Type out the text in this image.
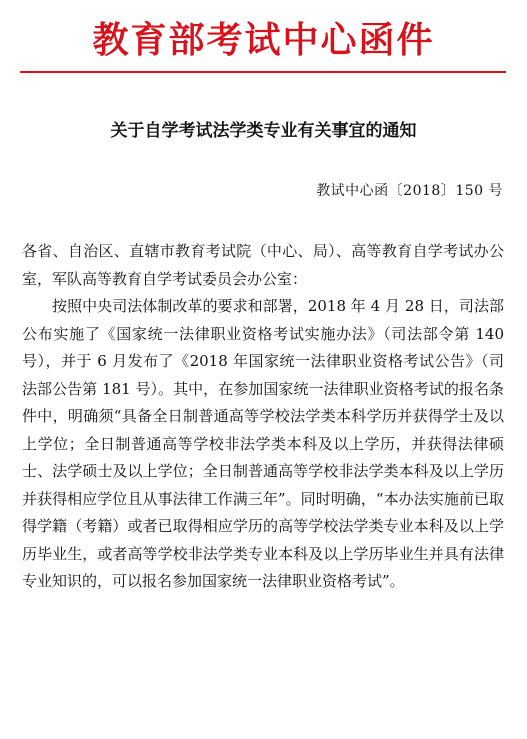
教育部考试中心函件
关于自学考试法学类专业有关事宜的通知
教试中心函〔2018〕150 号

各省、自治区、直辖市教育考试院（中心、局）、高等教育自学考试办公室，军队高等教育自学考试委员会办公室：

按照中央司法体制改革的要求和部署，2018 年 4 月 28 日，司法部公布实施了《国家统一法律职业资格考试实施办法》（司法部令第 140 号），并于 6 月发布了《2018 年国家统一法律职业资格考试公告》（司法部公告第 181 号）。其中，在参加国家统一法律职业资格考试的报名条件中，明确须“具备全日制普通高等学校法学类本科学历并获得学士及以上学位；全日制普通高等学校非法学类本科及以上学历，并获得法律硕士、法学硕士及以上学位；全日制普通高等学校非法学类本科及以上学历并获得相应学位且从事法律工作满三年”。同时明确，“本办法实施前已取得学籍（考籍）或者已取得相应学历的高等学校法学类专业本科及以上学历毕业生，或者高等学校非法学类专业本科及以上学历毕业生并具有法律专业知识的，可以报名参加国家统一法律职业资格考试”。
